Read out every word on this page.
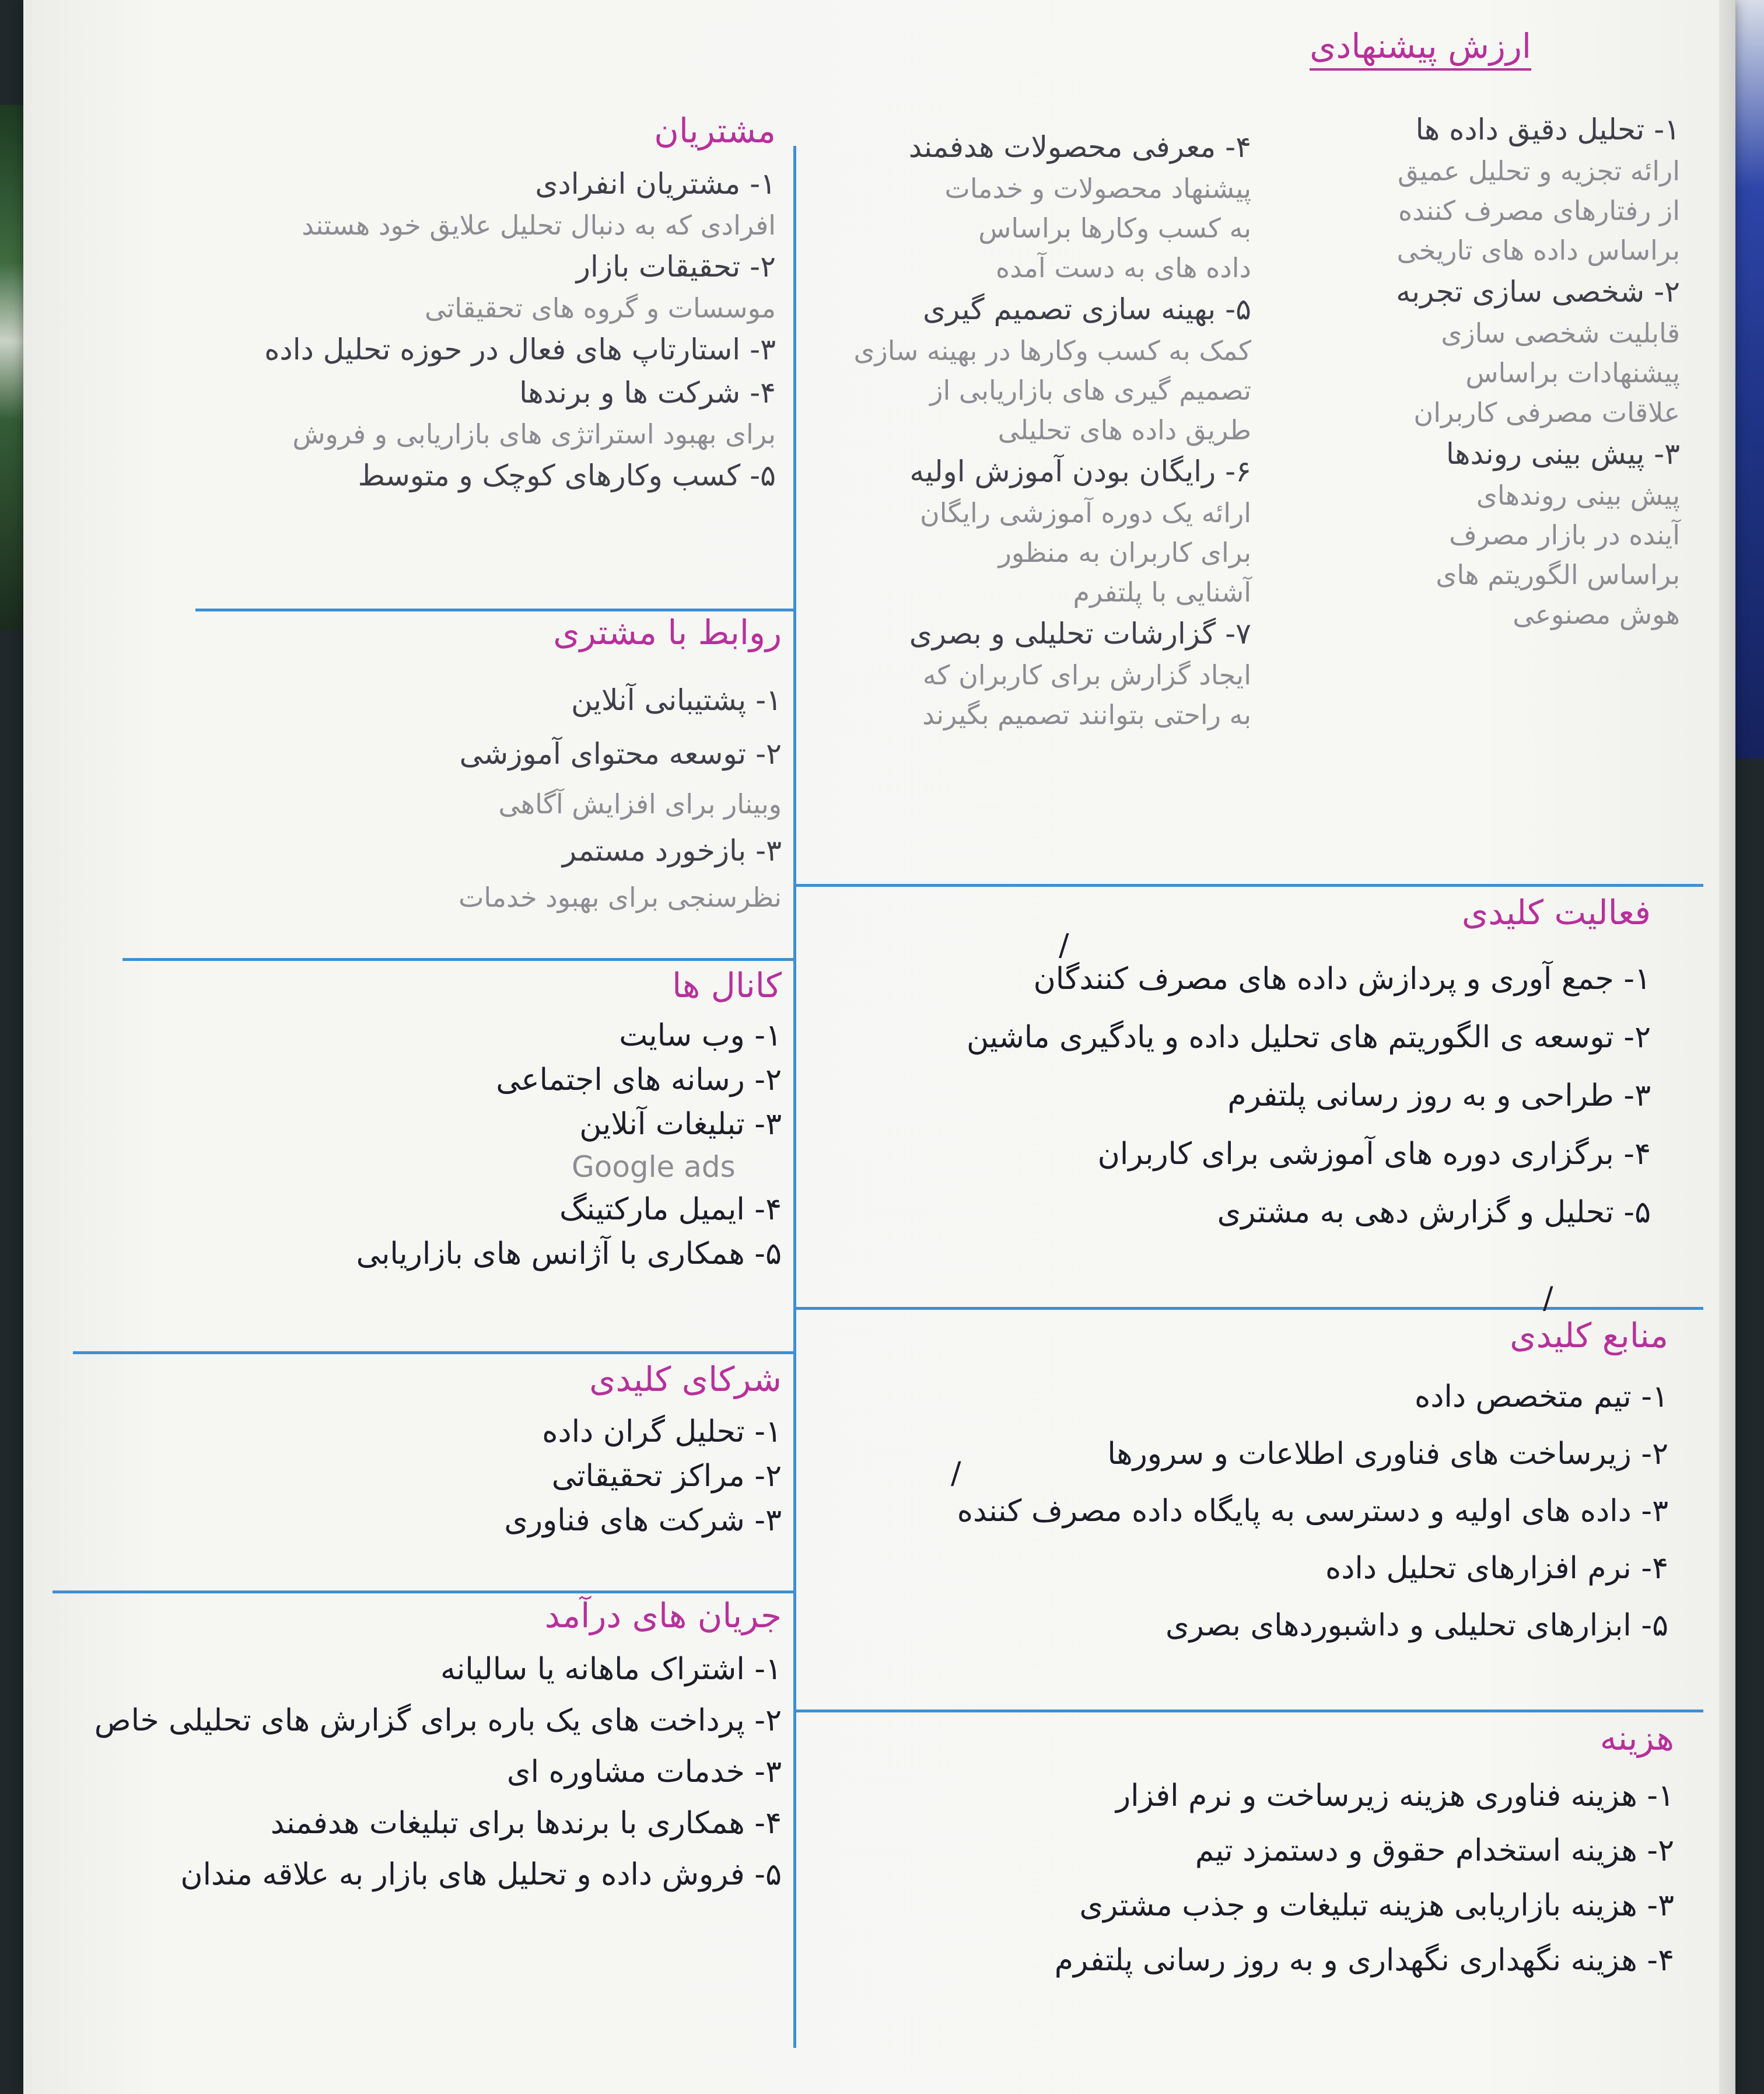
ارزش پیشنهادی
۱- تحلیل دقیق داده ها
ارائه تجزیه و تحلیل عمیق
از رفتارهای مصرف کننده
براساس داده های تاریخی
۲- شخصی سازی تجربه
قابلیت شخصی سازی
پیشنهادات براساس
علاقات مصرفی کاربران
۳- پیش بینی روندها
پیش بینی روندهای
آینده در بازار مصرف
براساس الگوریتم های
هوش مصنوعی
۴- معرفی محصولات هدفمند
پیشنهاد محصولات و خدمات
به کسب وکارها براساس
داده های به دست آمده
۵- بهینه سازی تصمیم گیری
کمک به کسب وکارها در بهینه سازی
تصمیم گیری های بازاریابی از
طریق داده های تحلیلی
۶- رایگان بودن آموزش اولیه
ارائه یک دوره آموزشی رایگان
برای کاربران به منظور
آشنایی با پلتفرم
۷- گزارشات تحلیلی و بصری
ایجاد گزارش برای کاربران که
به راحتی بتوانند تصمیم بگیرند
مشتریان
۱- مشتریان انفرادی
افرادی که به دنبال تحلیل علایق خود هستند
۲- تحقیقات بازار
موسسات و گروه های تحقیقاتی
۳- استارتاپ های فعال در حوزه تحلیل داده
۴- شرکت ها و برندها
برای بهبود استراتژی های بازاریابی و فروش
۵- کسب وکارهای کوچک و متوسط
روابط با مشتری
۱- پشتیبانی آنلاین
۲- توسعه محتوای آموزشی
وبینار برای افزایش آگاهی
۳- بازخورد مستمر
نظرسنجی برای بهبود خدمات
کانال ها
۱- وب سایت
۲- رسانه های اجتماعی
۳- تبلیغات آنلاین
Google ads
۴- ایمیل مارکتینگ
۵- همکاری با آژانس های بازاریابی
شرکای کلیدی
۱- تحلیل گران داده
۲- مراکز تحقیقاتی
۳- شرکت های فناوری
جریان های درآمد
۱- اشتراک ماهانه یا سالیانه
۲- پرداخت های یک باره برای گزارش های تحلیلی خاص
۳- خدمات مشاوره ای
۴- همکاری با برندها برای تبلیغات هدفمند
۵- فروش داده و تحلیل های بازار به علاقه مندان
فعالیت کلیدی
۱- جمع آوری و پردازش داده های مصرف کنندگان
۲- توسعه ی الگوریتم های تحلیل داده و یادگیری ماشین
۳- طراحی و به روز رسانی پلتفرم
۴- برگزاری دوره های آموزشی برای کاربران
۵- تحلیل و گزارش دهی به مشتری
/
/
منابع کلیدی
۱- تیم متخصص داده
۲- زیرساخت های فناوری اطلاعات و سرورها
۳- داده های اولیه و دسترسی به پایگاه داده مصرف کننده
۴- نرم افزارهای تحلیل داده
۵- ابزارهای تحلیلی و داشبوردهای بصری
/
هزینه
۱- هزینه فناوری هزینه زیرساخت و نرم افزار
۲- هزینه استخدام حقوق و دستمزد تیم
۳- هزینه بازاریابی هزینه تبلیغات و جذب مشتری
۴- هزینه نگهداری نگهداری و به روز رسانی پلتفرم
